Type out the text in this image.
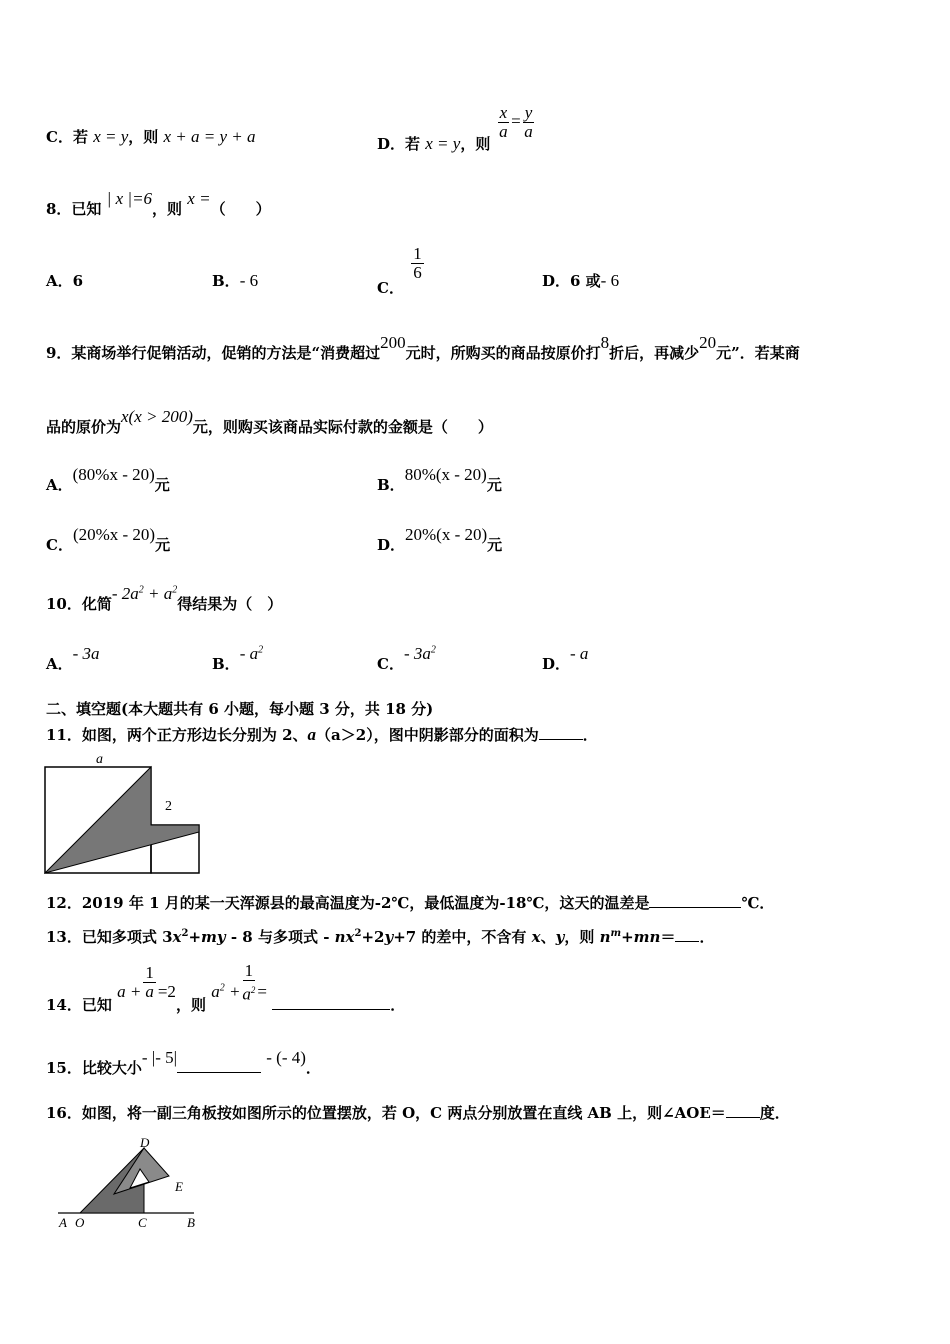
C．若 x = y，则 x + a = y + a	D．若 x = y，则
$\frac{x}{a} = \frac{y}{a}$
8．已知 | x |=6，则 x =（　　）
A．6	B．- 6	C．
$\frac{1}{6}$	D．6 或- 6
9．某商场举行促销活动，促销的方法是“消费超过200元时，所购买的商品按原价打8折后，再减少20元”．若某商
品的原价为x(x > 200)元，则购买该商品实际付款的金额是（　　）
A．(80%x - 20)元	B．80%(x - 20)元
C．(20%x - 20)元	D．20%(x - 20)元
10．化简- $2a^2 + a^2$得结果为（　）
A．- 3a
B．- $a^2$
C．- $3a^2$
D．- a
二、填空题(本大题共有 6 小题，每小题 3 分，共 18 分)
11．如图，两个正方形边长分别为 2、a（a＞2），图中阴影部分的面积为	．
a
2
12．2019 年 1 月的某一天浑源县的最高温度为-2℃，最低温度为-18℃，这天的温差是	℃．
13．已知多项式 $3x^2+my - 8$ 与多项式 - $nx^2+2y+7$ 的差中，不含有 x、y，则 $n^m+mn=$ ．
14．已知 $a + \frac{1}{a} =2$，则 $a^2 + \frac{1}{a^2}$ = ．
15．比较大小- |- 5|	- (- 4)．
16．如图，将一副三角板按如图所示的位置摆放，若 O，C 两点分别放置在直线 AB 上，则∠AOE＝ 度．
D
E
A O	C	B
